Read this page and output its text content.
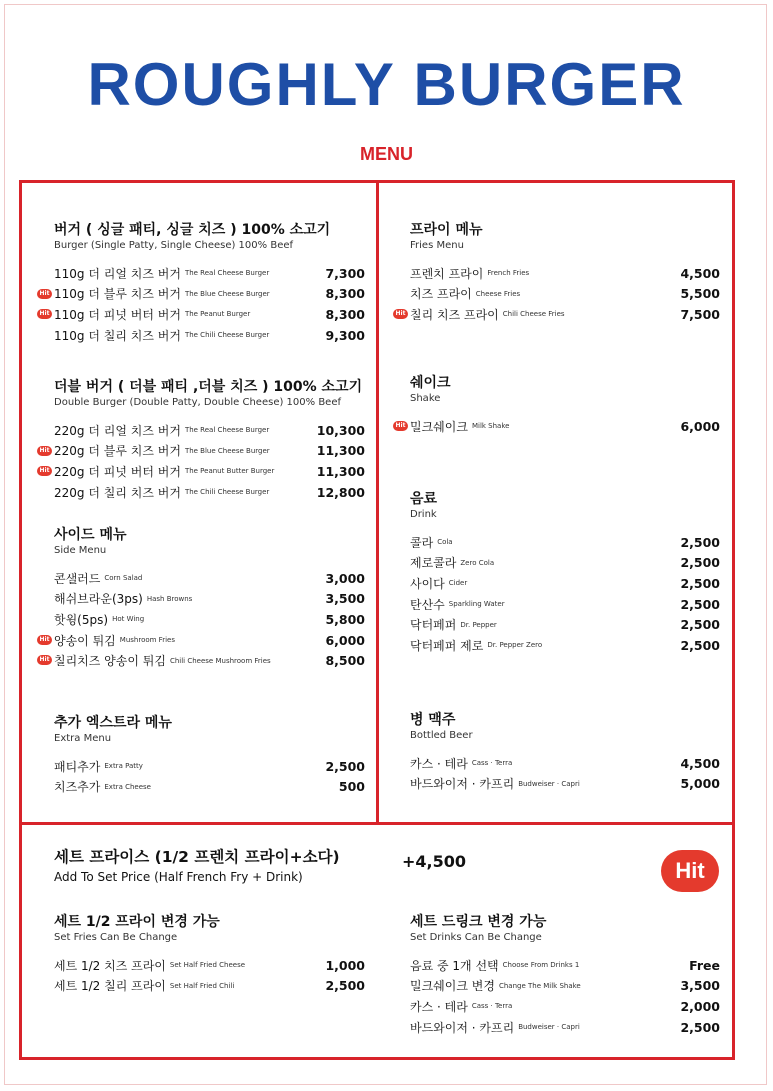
ROUGHLY BURGER
MENU
버거 ( 싱글 패티, 싱글 치즈 ) 100% 소고기
Burger (Single Patty, Single Cheese) 100% Beef
110g 더 리얼 치즈 버거 The Real Cheese Burger	7,300
Hit 110g 더 블루 치즈 버거 The Blue Cheese Burger	8,300
Hit 110g 더 피넛 버터 버거 The Peanut Burger	8,300
110g 더 칠리 치즈 버거 The Chili Cheese Burger	9,300
더블 버거 ( 더블 패티 ,더블 치즈 ) 100% 소고기
Double Burger (Double Patty, Double Cheese) 100% Beef
220g 더 리얼 치즈 버거 The Real Cheese Burger	10,300
Hit 220g 더 블루 치즈 버거 The Blue Cheese Burger	11,300
Hit 220g 더 피넛 버터 버거 The Peanut Butter Burger	11,300
220g 더 칠리 치즈 버거 The Chili Cheese Burger	12,800
사이드 메뉴
Side Menu
콘샐러드 Corn Salad	3,000
해쉬브라운(3ps) Hash Browns	3,500
핫윙(5ps) Hot Wing	5,800
Hit 양송이 튀김 Mushroom Fries	6,000
Hit 칠리치즈 양송이 튀김 Chili Cheese Mushroom Fries	8,500
추가 엑스트라 메뉴
Extra Menu
패티추가 Extra Patty	2,500
치즈추가 Extra Cheese	500
프라이 메뉴
Fries Menu
프렌치 프라이 French Fries	4,500
치즈 프라이 Cheese Fries	5,500
Hit 칠리 치즈 프라이 Chili Cheese Fries	7,500
쉐이크
Shake
Hit 밀크쉐이크 Milk Shake	6,000
음료
Drink
콜라 Cola	2,500
제로콜라 Zero Cola	2,500
사이다 Cider	2,500
탄산수 Sparkling Water	2,500
닥터페퍼 Dr. Pepper	2,500
닥터페퍼 제로 Dr. Pepper Zero	2,500
병 맥주
Bottled Beer
카스 · 테라 Cass · Terra	4,500
바드와이저 · 카프리 Budweiser · Capri	5,000
세트 프라이스 (1/2 프렌치 프라이+소다)
Add To Set Price (Half French Fry + Drink)
+4,500	Hit
세트 1/2 프라이 변경 가능
Set Fries Can Be Change
세트 1/2 치즈 프라이 Set Half Fried Cheese	1,000
세트 1/2 칠리 프라이 Set Half Fried Chili	2,500
세트 드링크 변경 가능
Set Drinks Can Be Change
음료 중 1개 선택 Choose From Drinks 1	Free
밀크쉐이크 변경 Change The Milk Shake	3,500
카스 · 테라 Cass · Terra	2,000
바드와이저 · 카프리 Budweiser · Capri	2,500
